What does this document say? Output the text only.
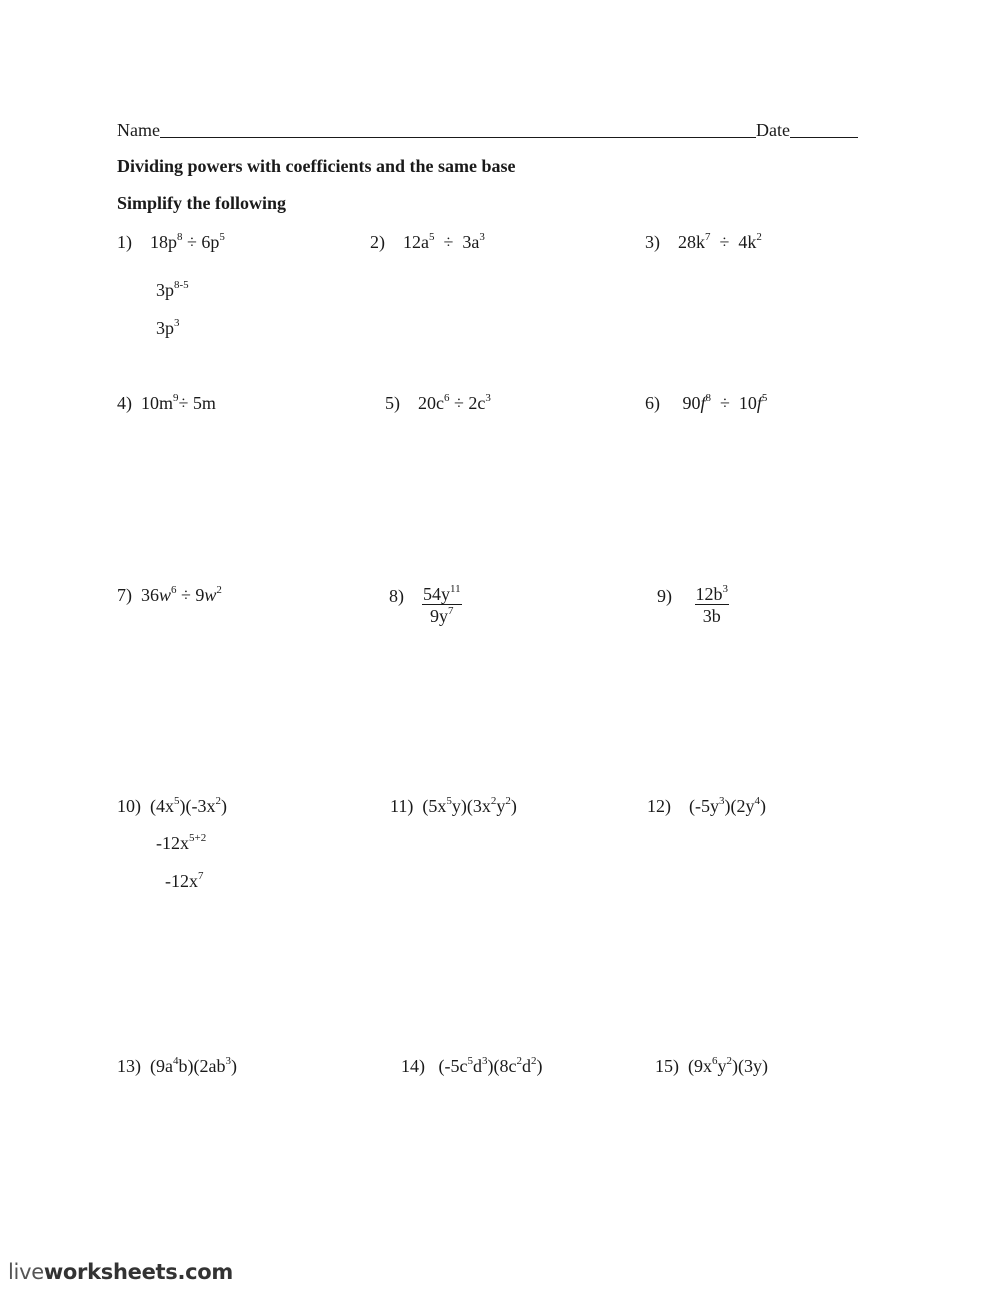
Name	Date
Dividing powers with coefficients and the same base
Simplify the following
1) $18p^8 \div 6p^5$
$3p^{8-5}$
$3p^3$
2) $12a^5 \div 3a^3$	3) $28k^7 \div 4k^2$
4) $10m^9\div 5m$	5) $20c^6 \div 2c^3$	6) $90f^8 \div 10f^5$
7) $36w^6 \div 9w^2$	$8) \frac{54y^{11}}{9y^7}$	$9) \frac{12b^3}{3b}$
10) $(4x^5)(-3x^2)$
$-12x^{5+2}$
$-12x^7$
11) $(5x^5y)(3x^2y^2)$	12) $(-5y^3)(2y^4)$
13) $(9a^4b)(2ab^3)$	14) $(-5c^5d^3)(8c^2d^2)$	15) $(9x^6y^2)(3y)$
liveworksheets.com
